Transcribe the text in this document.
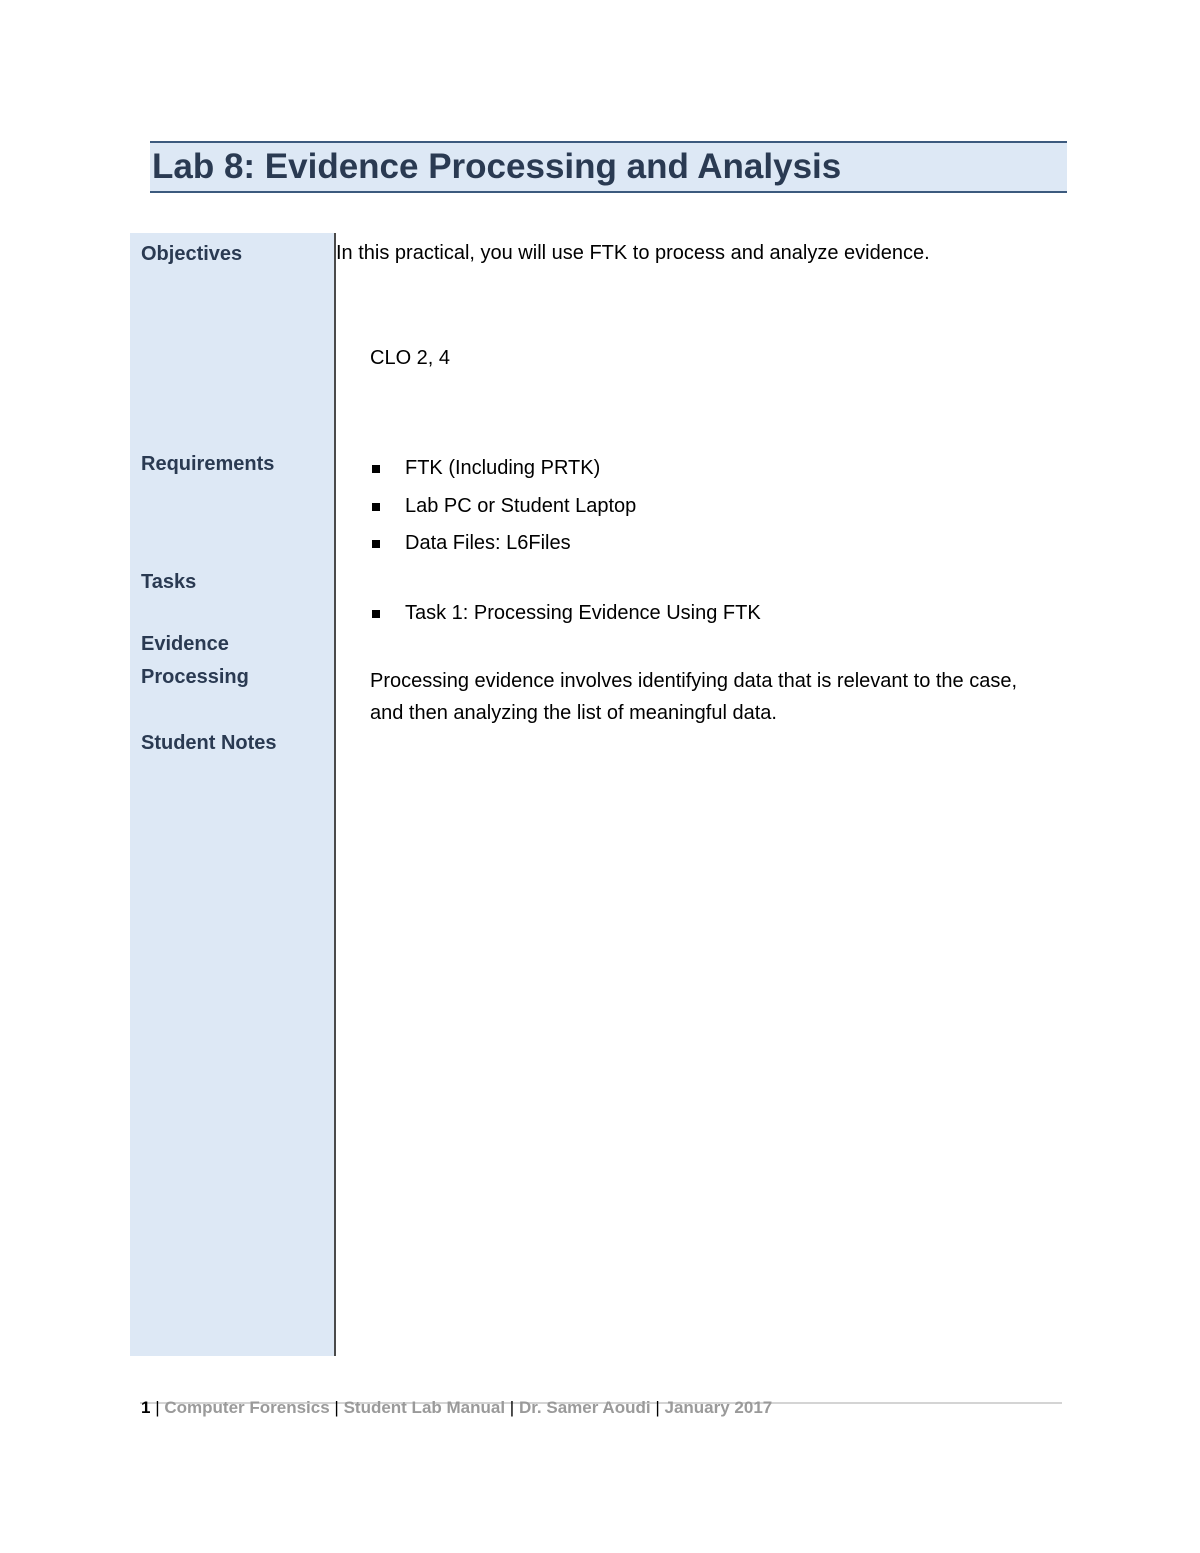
Lab 8: Evidence Processing and Analysis
Objectives
Requirements
Tasks
Evidence
Processing
Student Notes
In this practical, you will use FTK to process and analyze evidence.
CLO 2, 4
FTK (Including PRTK)
Lab PC or Student Laptop
Data Files: L6Files
Task 1: Processing Evidence Using FTK
Processing evidence involves identifying data that is relevant to the case, and then analyzing the list of meaningful data.
1 | Computer Forensics | Student Lab Manual | Dr. Samer Aoudi | January 2017
